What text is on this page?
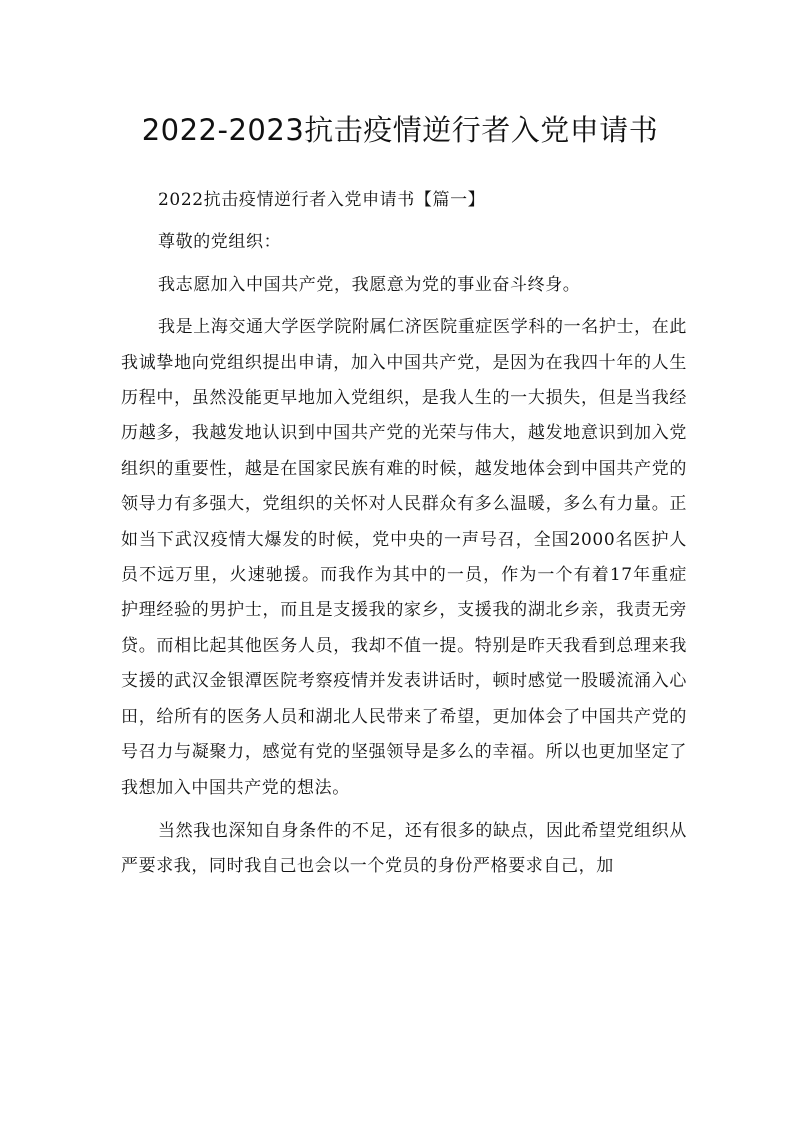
2022-2023抗击疫情逆行者入党申请书

2022抗击疫情逆行者入党申请书【篇一】

尊敬的党组织：

我志愿加入中国共产党，我愿意为党的事业奋斗终身。

我是上海交通大学医学院附属仁济医院重症医学科的一名护士，在此我诚挚地向党组织提出申请，加入中国共产党，是因为在我四十年的人生历程中，虽然没能更早地加入党组织，是我人生的一大损失，但是当我经历越多，我越发地认识到中国共产党的光荣与伟大，越发地意识到加入党组织的重要性，越是在国家民族有难的时候，越发地体会到中国共产党的领导力有多强大，党组织的关怀对人民群众有多么温暖，多么有力量。正如当下武汉疫情大爆发的时候，党中央的一声号召，全国2000名医护人员不远万里，火速驰援。而我作为其中的一员，作为一个有着17年重症护理经验的男护士，而且是支援我的家乡，支援我的湖北乡亲，我责无旁贷。而相比起其他医务人员，我却不值一提。特别是昨天我看到总理来我支援的武汉金银潭医院考察疫情并发表讲话时，顿时感觉一股暖流涌入心田，给所有的医务人员和湖北人民带来了希望，更加体会了中国共产党的号召力与凝聚力，感觉有党的坚强领导是多么的幸福。所以也更加坚定了我想加入中国共产党的想法。

当然我也深知自身条件的不足，还有很多的缺点，因此希望党组织从严要求我，同时我自己也会以一个党员的身份严格要求自己，加
